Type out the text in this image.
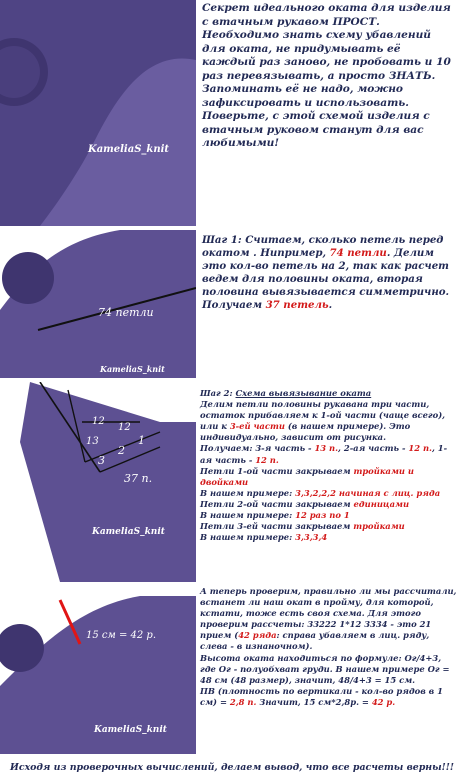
KameliaS_knit
74 петли
KameliaS_knit
12
12
13	1
2
3
37 п.
KameliaS_knit
15 см = 42 р.
KameliaS_knit
Секрет идеального оката для изделия с втачным рукавом ПРОСТ. Необходимо знать схему убавлений для оката, не придумывать её каждый раз заново, не пробовать и 10 раз перевязывать, а просто ЗНАТЬ. Запоминать её не надо, можно зафиксировать и использовать. Поверьте, с этой схемой изделия с втачным руковом станут для вас любимыми!
Шаг 1: Считаем, сколько петель перед окатом . Нипример, 74 петли. Делим это кол-во петель на 2, так как расчет ведем для половины оката, вторая половина вывязывается симметрично. Получаем 37 петель.
Шаг 2: Схема вывязывание оката
Делим петли половины рукавана три части, остаток прибавляем к 1-ой части (чаще всего), или к 3-ей части (в нашем примере). Это индивидуально, зависит от рисунка.
Получаем: 3-я часть - 13 п., 2-ая часть - 12 п., 1-ая часть - 12 п.
Петли 1-ой части закрываем тройками и двойками
В нашем примере: 3,3,2,2,2 начиная с лиц. ряда
Петли 2-ой части закрываем единицами
В нашем примере: 12 раз по 1
Петли 3-ей части закрываем тройками
В нашем примере: 3,3,3,4
А теперь проверим, правильно ли мы рассчитали, встанет ли наш окат в пройму, для которой, кстати, тоже есть своя схема. Для этого проверим рассчеты: 33222 1*12 3334 - это 21 прием (42 ряда: справа убавляем в лиц. ряду, слева - в изнаночном).
Высота оката находиться по формуле: Ог/4+3, где Ог - полуобхват груди. В нашем примере Ог = 48 см (48 размер), значит, 48/4+3 = 15 см.
ПВ (плотность по вертикали - кол-во рядов в 1 см) = 2,8 п. Значит, 15 см*2,8р. = 42 р.
Исходя из проверочных вычислений, делаем вывод, что все расчеты верны!!!
